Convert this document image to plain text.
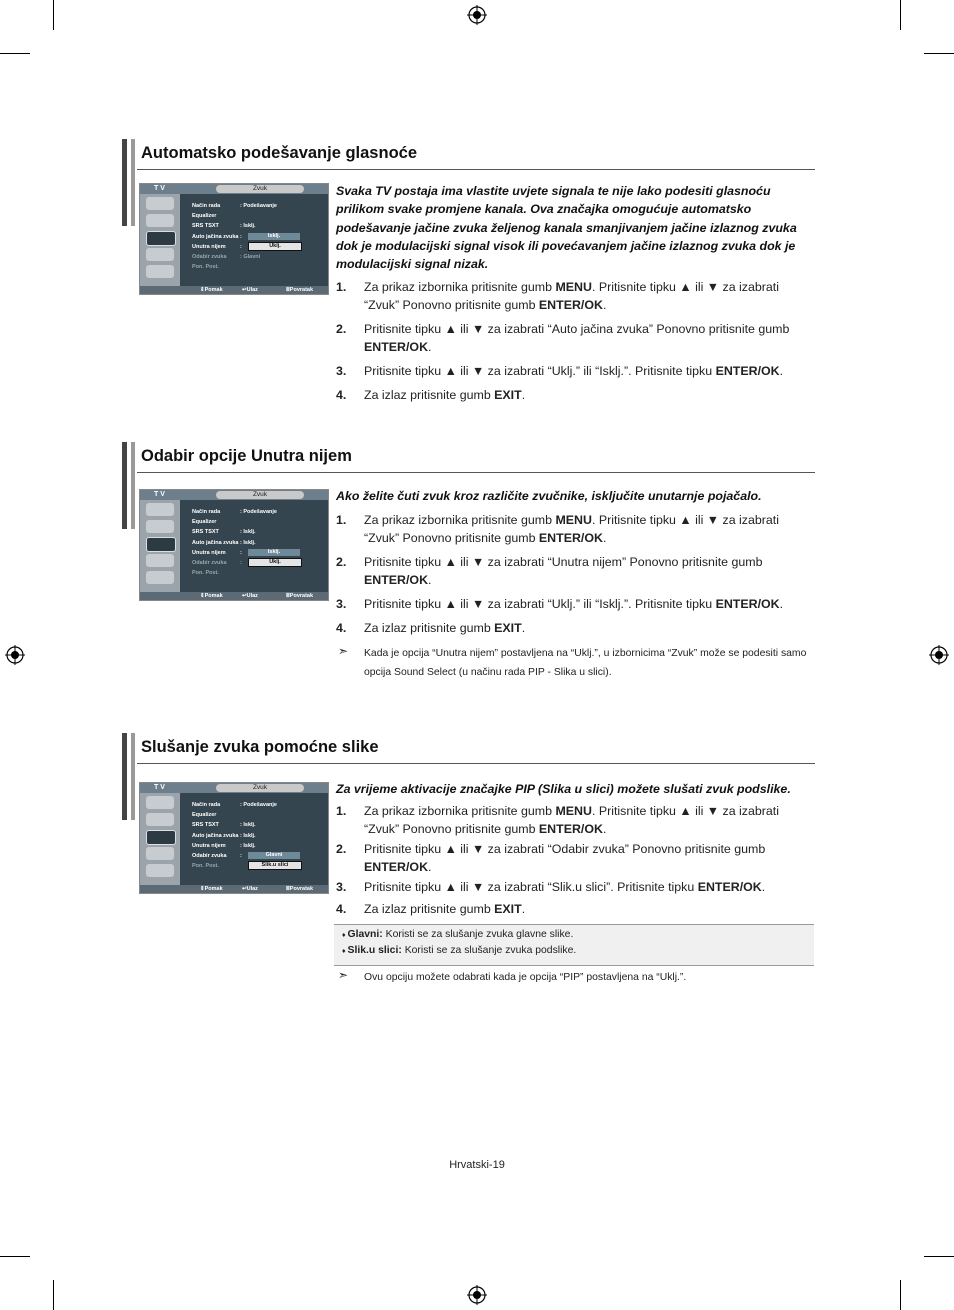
Automatsko podešavanje glasnoće
T V	Zvuk
Način rada	: Podešavanje
Equalizer
SRS TSXT	: Isklj.
Auto jačina zvuka :
Unutra nijem	:
Odabir zvuka : Glavni
Pon. Post.
Isklj.
Uklj.
⇕ Pomak	↩ Ulaz	Ⅲ Povratak
Svaka TV postaja ima vlastite uvjete signala te nije lako podesiti glasnoću prilikom svake promjene kanala. Ova značajka omogućuje automatsko podešavanje jačine zvuka željenog kanala smanjivanjem jačine izlaznog zvuka dok je modulacijski signal visok ili povećavanjem jačine izlaznog zvuka dok je modulacijski signal nizak.
1. Za prikaz izbornika pritisnite gumb MENU. Pritisnite tipku ▲ ili ▼ za izabrati “Zvuk” Ponovno pritisnite gumb ENTER/OK.
2. Pritisnite tipku ▲ ili ▼ za izabrati “Auto jačina zvuka” Ponovno pritisnite gumb ENTER/OK.
3. Pritisnite tipku ▲ ili ▼ za izabrati “Uklj.” ili “Isklj.”. Pritisnite tipku ENTER/OK.
4. Za izlaz pritisnite gumb EXIT.
Odabir opcije Unutra nijem
T V	Zvuk
Način rada	: Podešavanje
Equalizer
SRS TSXT	: Isklj.
Auto jačina zvuka : Isklj.
Unutra nijem	:
Odabir zvuka :
Pon. Post.
Isklj.
Uklj.
⇕ Pomak	↩ Ulaz	Ⅲ Povratak
Ako želite čuti zvuk kroz različite zvučnike, isključite unutarnje pojačalo.
1. Za prikaz izbornika pritisnite gumb MENU. Pritisnite tipku ▲ ili ▼ za izabrati “Zvuk” Ponovno pritisnite gumb ENTER/OK.
2. Pritisnite tipku ▲ ili ▼ za izabrati “Unutra nijem” Ponovno pritisnite gumb ENTER/OK.
3. Pritisnite tipku ▲ ili ▼ za izabrati “Uklj.” ili “Isklj.”. Pritisnite tipku ENTER/OK.
4. Za izlaz pritisnite gumb EXIT.
➣ Kada je opcija “Unutra nijem” postavljena na “Uklj.”, u izbornicima “Zvuk” može se podesiti samo opcija Sound Select (u načinu rada PIP - Slika u slici).
Slušanje zvuka pomoćne slike
T V	Zvuk
Način rada	: Podešavanje
Equalizer
SRS TSXT	: Isklj.
Auto jačina zvuka : Isklj.
Unutra nijem	: Isklj.
Odabir zvuka :
Pon. Post.
Glavni
Slik.u slici
⇕ Pomak	↩ Ulaz	Ⅲ Povratak
Za vrijeme aktivacije značajke PIP (Slika u slici) možete slušati zvuk podslike.
1. Za prikaz izbornika pritisnite gumb MENU. Pritisnite tipku ▲ ili ▼ za izabrati “Zvuk” Ponovno pritisnite gumb ENTER/OK.
2. Pritisnite tipku ▲ ili ▼ za izabrati “Odabir zvuka” Ponovno pritisnite gumb ENTER/OK.
3. Pritisnite tipku ▲ ili ▼ za izabrati “Slik.u slici”. Pritisnite tipku ENTER/OK.
4. Za izlaz pritisnite gumb EXIT.
♦ Glavni: Koristi se za slušanje zvuka glavne slike.
♦ Slik.u slici: Koristi se za slušanje zvuka podslike.
➣ Ovu opciju možete odabrati kada je opcija “PIP” postavljena na “Uklj.”.
Hrvatski-19
